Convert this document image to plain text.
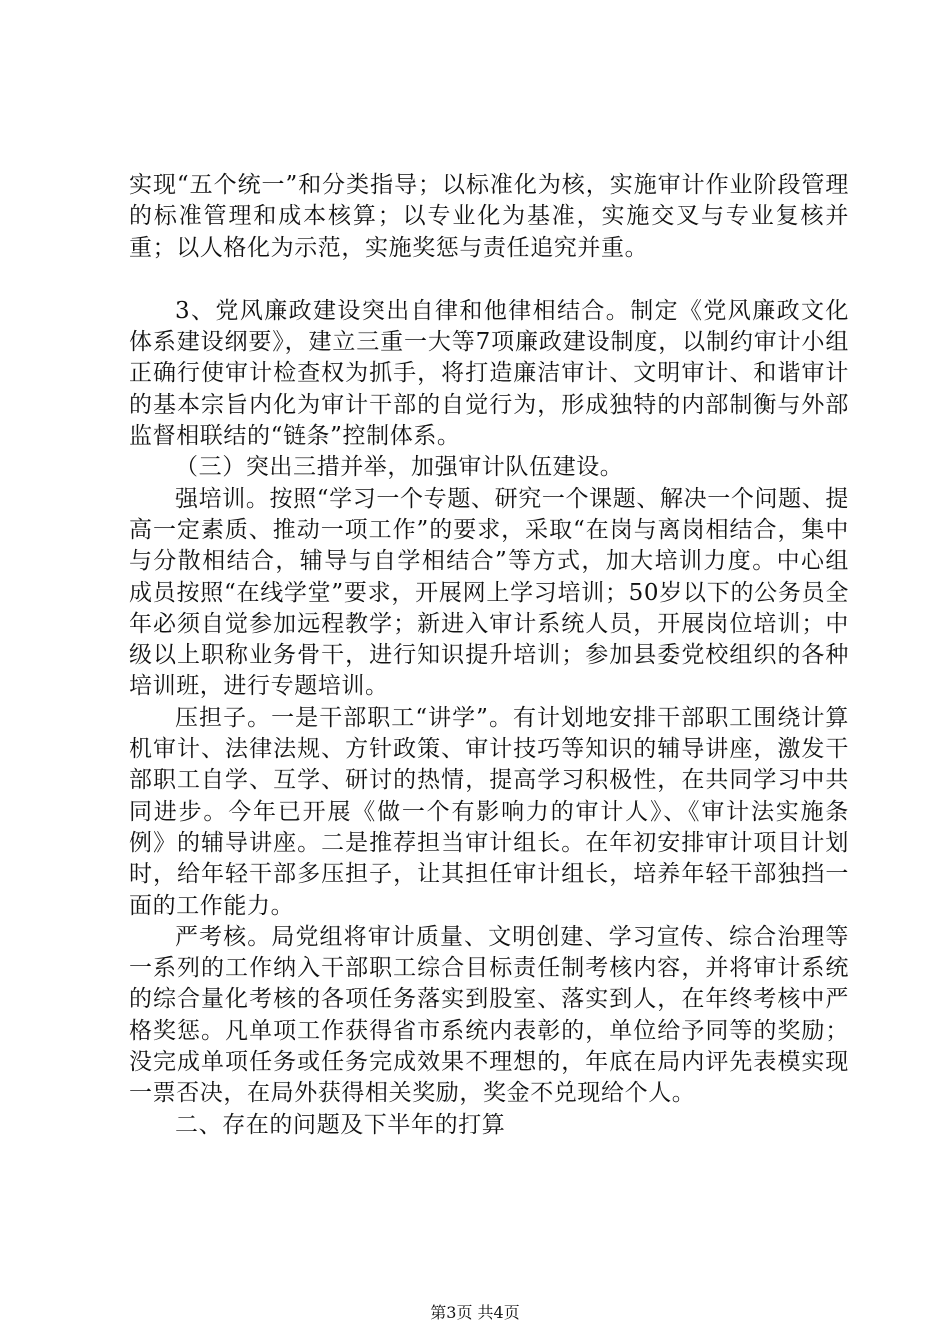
实现“五个统一”和分类指导；以标准化为核，实施审计作业阶段管理的标准管理和成本核算；以专业化为基准，实施交叉与专业复核并重；以人格化为示范，实施奖惩与责任追究并重。

3、党风廉政建设突出自律和他律相结合。制定《党风廉政文化体系建设纲要》，建立三重一大等7项廉政建设制度，以制约审计小组正确行使审计检查权为抓手，将打造廉洁审计、文明审计、和谐审计的基本宗旨内化为审计干部的自觉行为，形成独特的内部制衡与外部监督相联结的“链条”控制体系。

（三）突出三措并举，加强审计队伍建设。

强培训。按照“学习一个专题、研究一个课题、解决一个问题、提高一定素质、推动一项工作”的要求，采取“在岗与离岗相结合，集中与分散相结合，辅导与自学相结合”等方式，加大培训力度。中心组成员按照“在线学堂”要求，开展网上学习培训；50岁以下的公务员全年必须自觉参加远程教学；新进入审计系统人员，开展岗位培训；中级以上职称业务骨干，进行知识提升培训；参加县委党校组织的各种培训班，进行专题培训。

压担子。一是干部职工“讲学”。有计划地安排干部职工围绕计算机审计、法律法规、方针政策、审计技巧等知识的辅导讲座，激发干部职工自学、互学、研讨的热情，提高学习积极性，在共同学习中共同进步。今年已开展《做一个有影响力的审计人》、《审计法实施条例》的辅导讲座。二是推荐担当审计组长。在年初安排审计项目计划时，给年轻干部多压担子，让其担任审计组长，培养年轻干部独挡一面的工作能力。

严考核。局党组将审计质量、文明创建、学习宣传、综合治理等一系列的工作纳入干部职工综合目标责任制考核内容，并将审计系统的综合量化考核的各项任务落实到股室、落实到人，在年终考核中严格奖惩。凡单项工作获得省市系统内表彰的，单位给予同等的奖励；没完成单项任务或任务完成效果不理想的，年底在局内评先表模实现一票否决，在局外获得相关奖励，奖金不兑现给个人。

二、存在的问题及下半年的打算

第3页 共4页
